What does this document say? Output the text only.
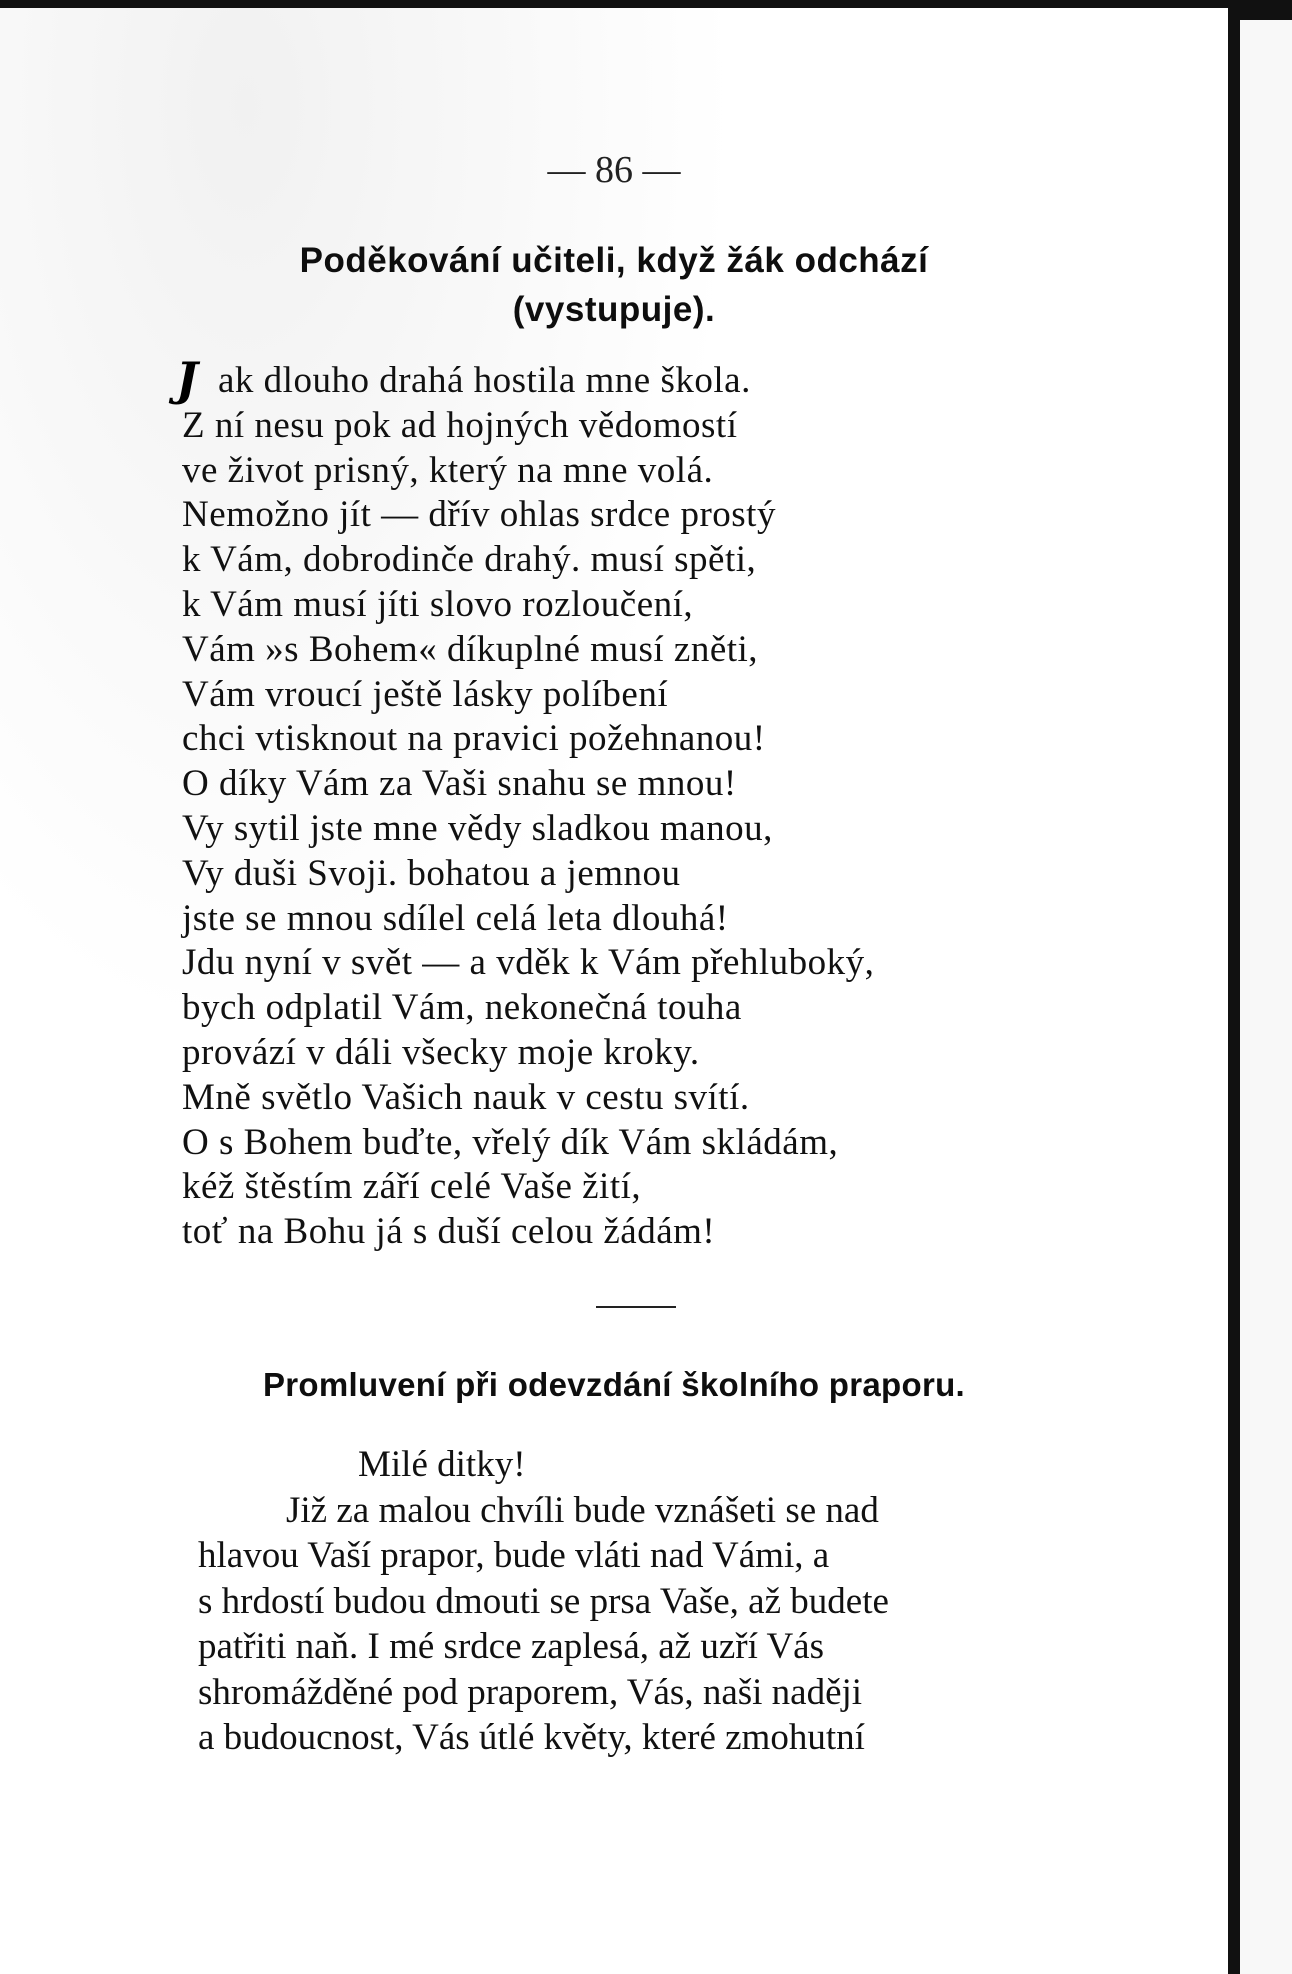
— 86 —
Poděkování učiteli, když žák odchází
(vystupuje).
J ak dlouho drahá hostila mne škola.
Z ní nesu pok ad hojných vědomostí
ve život prisný, který na mne volá.
Nemožno jít — dřív ohlas srdce prostý
k Vám, dobrodinče drahý. musí spěti,
k Vám musí jíti slovo rozloučení,
Vám »s Bohem« díkuplné musí zněti,
Vám vroucí ještě lásky políbení
chci vtisknout na pravici požehnanou!
O díky Vám za Vaši snahu se mnou!
Vy sytil jste mne vědy sladkou manou,
Vy duši Svoji. bohatou a jemnou
jste se mnou sdílel celá leta dlouhá!
Jdu nyní v svět — a vděk k Vám přehluboký,
bych odplatil Vám, nekonečná touha
provází v dáli všecky moje kroky.
Mně světlo Vašich nauk v cestu svítí.
O s Bohem buďte, vřelý dík Vám skládám,
kéž štěstím září celé Vaše žití,
toť na Bohu já s duší celou žádám!
Promluvení při odevzdání školního praporu.
Milé ditky!
Již za malou chvíli bude vznášeti se nad
hlavou Vaší prapor, bude vláti nad Vámi, a
s hrdostí budou dmouti se prsa Vaše, až budete
patřiti naň. I mé srdce zaplesá, až uzří Vás
shromážděné pod praporem, Vás, naši naději
a budoucnost, Vás útlé květy, které zmohutní
